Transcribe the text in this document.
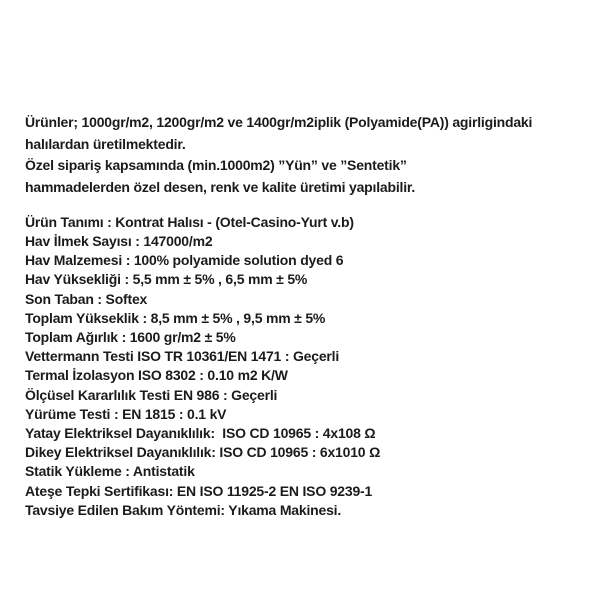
Ürünler; 1000gr/m2, 1200gr/m2 ve 1400gr/m2iplik (Polyamide(PA)) agirligindaki
halılardan üretilmektedir.
Özel sipariş kapsamında (min.1000m2) ”Yün” ve ”Sentetik”
hammadelerden özel desen, renk ve kalite üretimi yapılabilir.
Ürün Tanımı : Kontrat Halısı - (Otel-Casino-Yurt v.b)
Hav İlmek Sayısı : 147000/m2
Hav Malzemesi : 100% polyamide solution dyed 6
Hav Yüksekliği : 5,5 mm ± 5% , 6,5 mm ± 5%
Son Taban : Softex
Toplam Yükseklik : 8,5 mm ± 5% , 9,5 mm ± 5%
Toplam Ağırlık : 1600 gr/m2 ± 5%
Vettermann Testi ISO TR 10361/EN 1471 : Geçerli
Termal İzolasyon ISO 8302 : 0.10 m2 K/W
Ölçüsel Kararlılık Testi EN 986 : Geçerli
Yürüme Testi : EN 1815 : 0.1 kV
Yatay Elektriksel Dayanıklılık:  ISO CD 10965 : 4x108 Ω
Dikey Elektriksel Dayanıklılık: ISO CD 10965 : 6x1010 Ω
Statik Yükleme : Antistatik
Ateşe Tepki Sertifikası: EN ISO 11925-2 EN ISO 9239-1
Tavsiye Edilen Bakım Yöntemi: Yıkama Makinesi.
